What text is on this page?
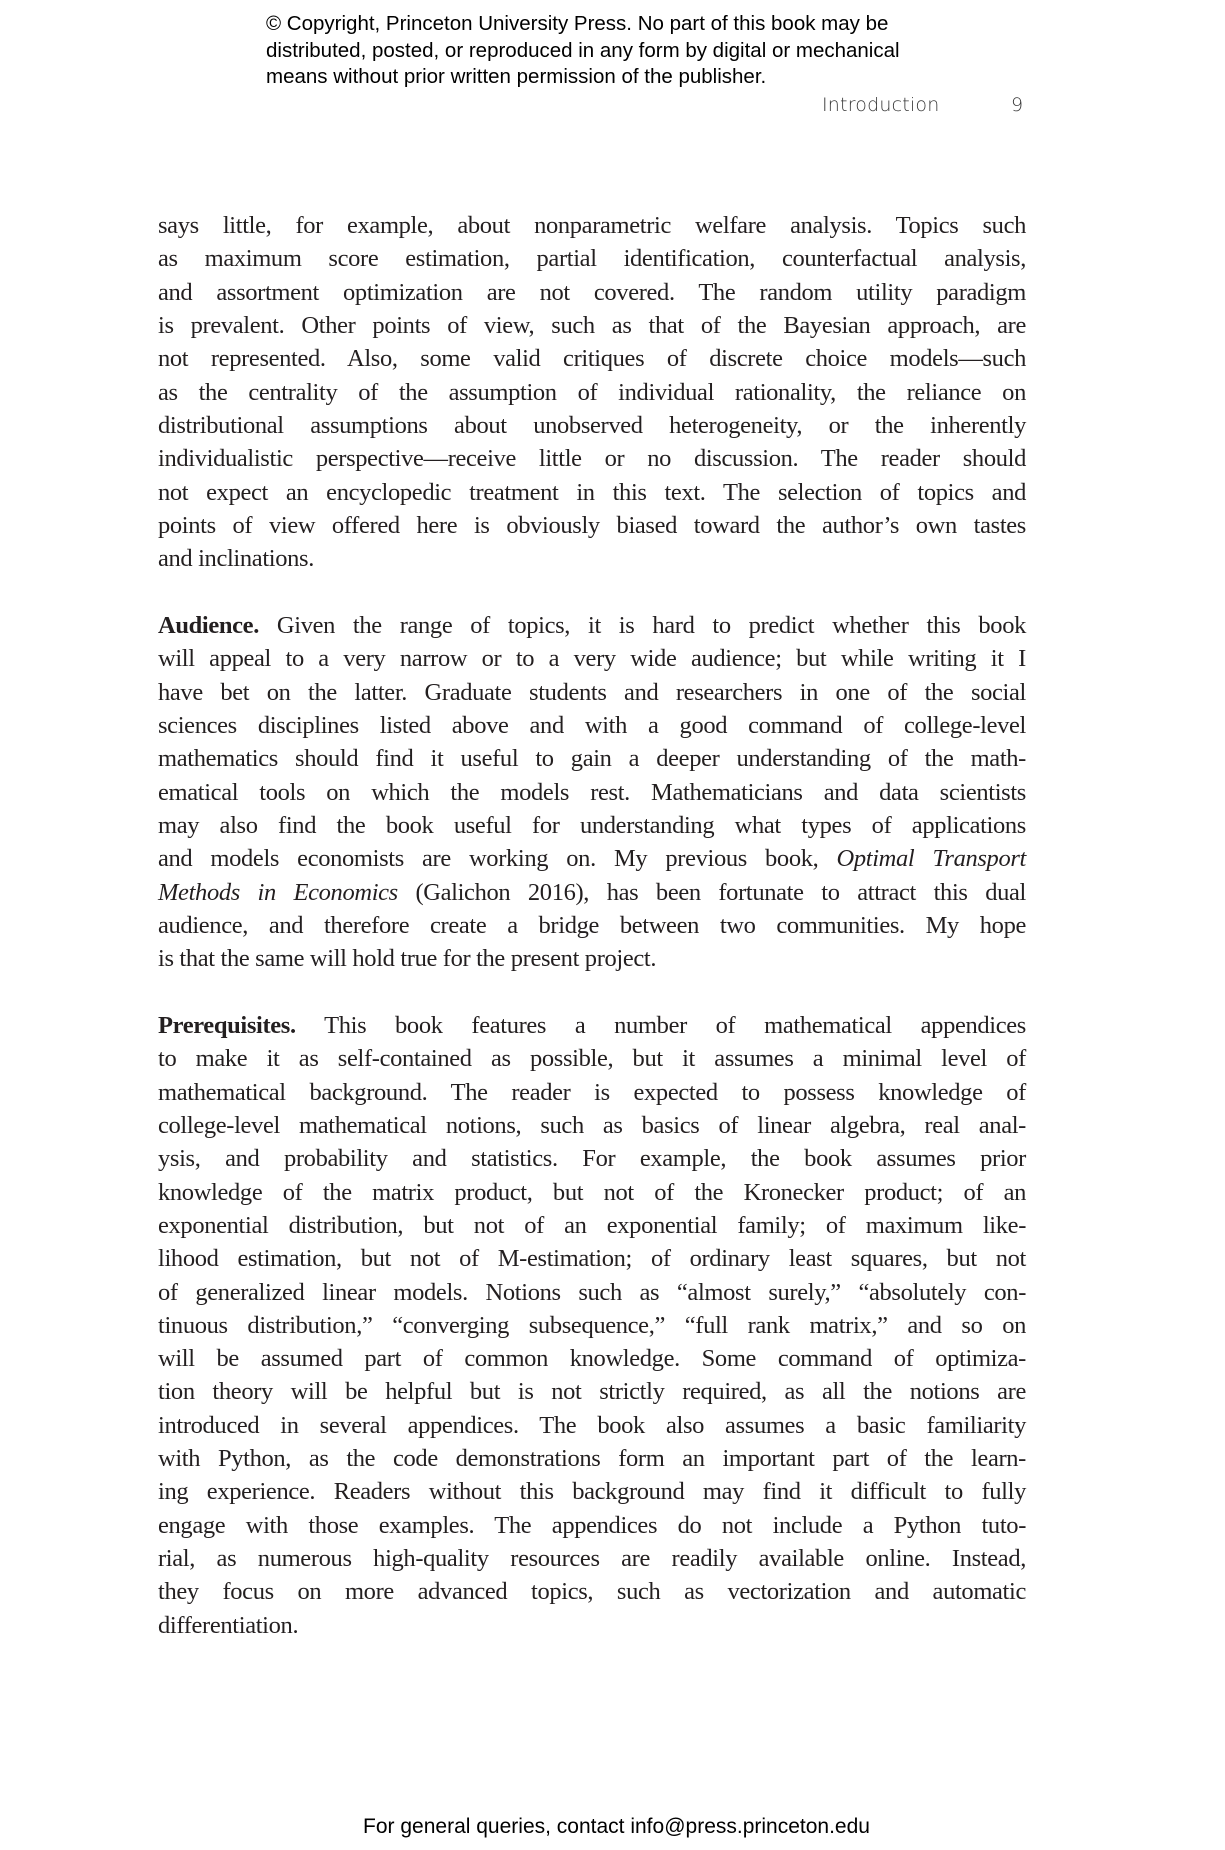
© Copyright, Princeton University Press. No part of this book may be
distributed, posted, or reproduced in any form by digital or mechanical
means without prior written permission of the publisher.
Introduction	9
says little, for example, about nonparametric welfare analysis. Topics such
as maximum score estimation, partial identification, counterfactual analysis,
and assortment optimization are not covered. The random utility paradigm
is prevalent. Other points of view, such as that of the Bayesian approach, are
not represented. Also, some valid critiques of discrete choice models—such
as the centrality of the assumption of individual rationality, the reliance on
distributional assumptions about unobserved heterogeneity, or the inherently
individualistic perspective—receive little or no discussion. The reader should
not expect an encyclopedic treatment in this text. The selection of topics and
points of view offered here is obviously biased toward the author’s own tastes
and inclinations.
Audience. Given the range of topics, it is hard to predict whether this book
will appeal to a very narrow or to a very wide audience; but while writing it I
have bet on the latter. Graduate students and researchers in one of the social
sciences disciplines listed above and with a good command of college-level
mathematics should find it useful to gain a deeper understanding of the math-
ematical tools on which the models rest. Mathematicians and data scientists
may also find the book useful for understanding what types of applications
and models economists are working on. My previous book, Optimal Transport
Methods in Economics (Galichon 2016), has been fortunate to attract this dual
audience, and therefore create a bridge between two communities. My hope
is that the same will hold true for the present project.
Prerequisites. This book features a number of mathematical appendices
to make it as self-contained as possible, but it assumes a minimal level of
mathematical background. The reader is expected to possess knowledge of
college-level mathematical notions, such as basics of linear algebra, real anal-
ysis, and probability and statistics. For example, the book assumes prior
knowledge of the matrix product, but not of the Kronecker product; of an
exponential distribution, but not of an exponential family; of maximum like-
lihood estimation, but not of M-estimation; of ordinary least squares, but not
of generalized linear models. Notions such as “almost surely,” “absolutely con-
tinuous distribution,” “converging subsequence,” “full rank matrix,” and so on
will be assumed part of common knowledge. Some command of optimiza-
tion theory will be helpful but is not strictly required, as all the notions are
introduced in several appendices. The book also assumes a basic familiarity
with Python, as the code demonstrations form an important part of the learn-
ing experience. Readers without this background may find it difficult to fully
engage with those examples. The appendices do not include a Python tuto-
rial, as numerous high-quality resources are readily available online. Instead,
they focus on more advanced topics, such as vectorization and automatic
differentiation.
For general queries, contact info@press.princeton.edu
